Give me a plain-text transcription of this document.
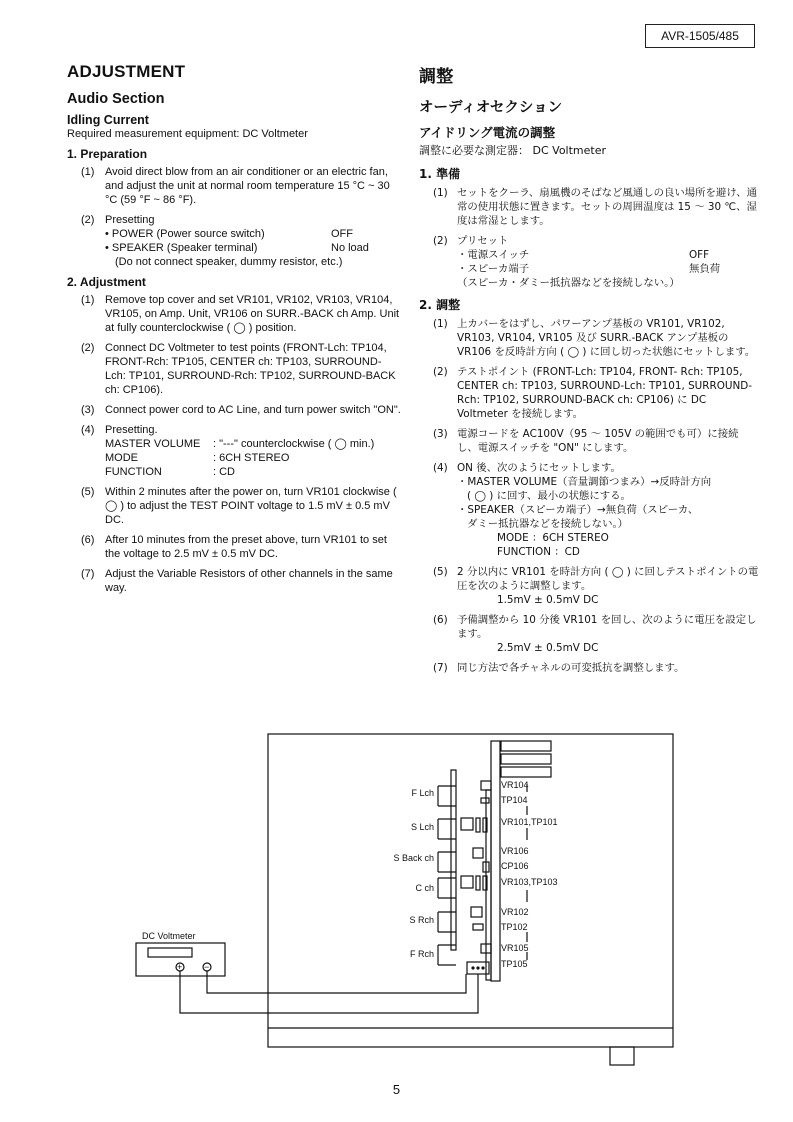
AVR-1505/485
ADJUSTMENT
Audio Section
Idling Current
Required measurement equipment: DC Voltmeter
1. Preparation
(1) Avoid direct blow from an air conditioner or an electric fan, and adjust the unit at normal room temperature 15 °C ~ 30 °C (59 °F ~ 86 °F).
(2) Presetting
• POWER (Power source switch)	OFF
• SPEAKER (Speaker terminal)	No load
(Do not connect speaker, dummy resistor, etc.)
2. Adjustment
(1) Remove top cover and set VR101, VR102, VR103, VR104, VR105, on Amp. Unit, VR106 on SURR.-BACK ch Amp. Unit at fully counterclockwise ( ◯ ) position.
(2) Connect DC Voltmeter to test points (FRONT-Lch: TP104, FRONT-Rch: TP105, CENTER ch: TP103, SURROUND-Lch: TP101, SURROUND-Rch: TP102, SURROUND-BACK ch: CP106).
(3) Connect power cord to AC Line, and turn power switch "ON".
(4) Presetting.
MASTER VOLUME	: "---" counterclockwise ( ◯ min.)
MODE	: 6CH STEREO
FUNCTION	: CD
(5) Within 2 minutes after the power on, turn VR101 clockwise ( ◯ ) to adjust the TEST POINT voltage to 1.5 mV ± 0.5 mV DC.
(6) After 10 minutes from the preset above, turn VR101 to set the voltage to 2.5 mV ± 0.5 mV DC.
(7) Adjust the Variable Resistors of other channels in the same way.
調整
オーディオセクション
アイドリング電流の調整
調整に必要な測定器： DC Voltmeter
1. 準備
(1) セットをクーラ、扇風機のそばなど風通しの良い場所を避け、通常の使用状態に置きます。セットの周囲温度は 15 ～ 30 ℃、湿度は常湿とします。
(2) プリセット
・電源スイッチ	OFF
・スピーカ端子	無負荷
（スピーカ・ダミー抵抗器などを接続しない。）
2. 調整
(1) 上カバーをはずし、パワーアンプ基板の VR101, VR102, VR103, VR104, VR105 及び SURR.-BACK アンプ基板の VR106 を反時計方向 ( ◯ ) に回し切った状態にセットします。
(2) テストポイント (FRONT-Lch: TP104, FRONT- Rch: TP105, CENTER ch: TP103, SURROUND-Lch: TP101, SURROUND-Rch: TP102, SURROUND-BACK ch: CP106) に DC Voltmeter を接続します。
(3) 電源コードを AC100V（95 ～ 105V の範囲でも可）に接続し、電源スイッチを "ON" にします。
(4) ON 後、次のようにセットします。
・MASTER VOLUME（音量調節つまみ）→反時計方向
( ◯ ) に回す、最小の状態にする。
・SPEAKER（スピーカ端子）→無負荷（スピーカ、
ダミー抵抗器などを接続しない。）
MODE ：6CH STEREO
FUNCTION ：CD
(5) 2 分以内に VR101 を時計方向 ( ◯ ) に回しテストポイントの電圧を次のように調整します。
1.5mV ± 0.5mV DC
(6) 予備調整から 10 分後 VR101 を回し、次のように電圧を設定します。
2.5mV ± 0.5mV DC
(7) 同じ方法で各チャネルの可変抵抗を調整します。
DC Voltmeter
+ −
F Lch
S Lch
S Back ch
C ch
S Rch
F Rch
VR104
TP104
VR101,TP101
VR106
CP106
VR103,TP103
VR102
TP102
VR105
TP105
5
